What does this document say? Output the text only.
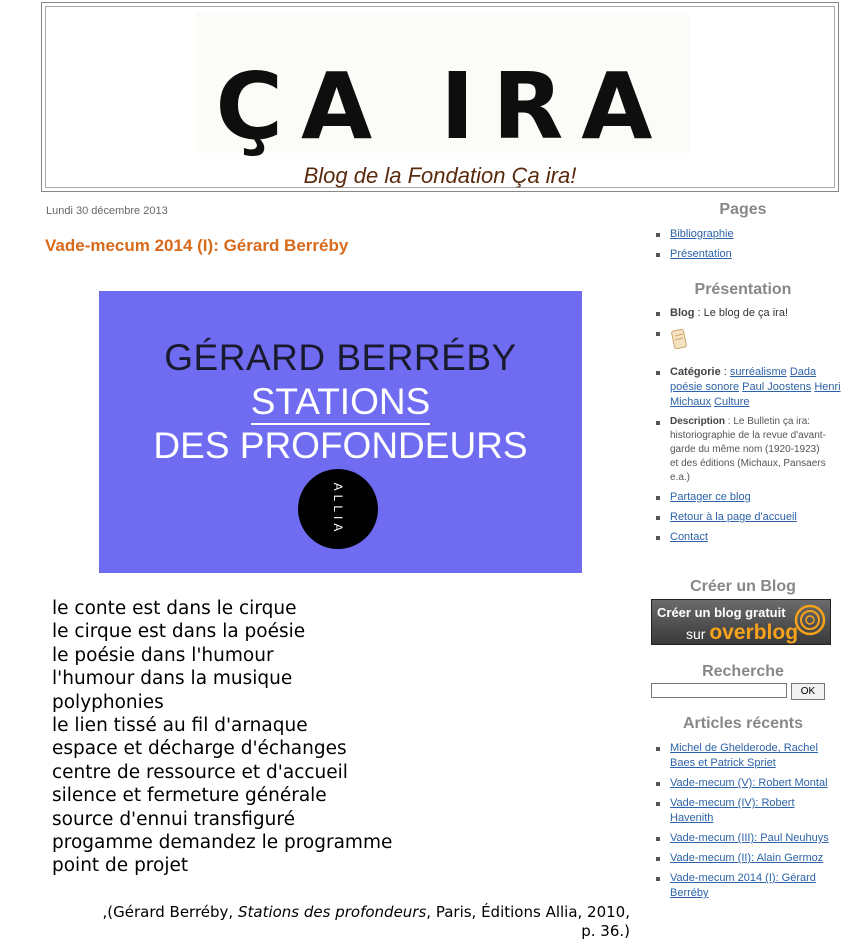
ÇA IRA
Blog de la Fondation Ça ira!
Lundi 30 décembre 2013
Vade-mecum 2014 (I): Gérard Berréby
GÉRARD BERRÉBY
STATIONS
DES PROFONDEURS
ALLIA
le conte est dans le cirque
le cirque est dans la poésie
le poésie dans l'humour
l'humour dans la musique
polyphonies
le lien tissé au fil d'arnaque
espace et décharge d'échanges
centre de ressource et d'accueil
silence et fermeture générale
source d'ennui transfiguré
progamme demandez le programme
point de projet
,(Gérard Berréby, Stations des profondeurs, Paris, Éditions Allia, 2010,
p. 36.)
Pages
Bibliographie
Présentation
Présentation
Blog : Le blog de ça ira!
Catégorie : surréalisme Dada poésie sonore Paul Joostens Henri Michaux Culture
Description : Le Bulletin ça ira: historiographie de la revue d'avant-garde du même nom (1920-1923) et des éditions (Michaux, Pansaers e.a.)
Partager ce blog
Retour à la page d'accueil
Contact
Créer un Blog
Créer un blog gratuit
sur overblog
Recherche
OK
Articles récents
Michel de Ghelderode, Rachel Baes et Patrick Spriet
Vade-mecum (V): Robert Montal
Vade-mecum (IV): Robert Havenith
Vade-mecum (III): Paul Neuhuys
Vade-mecum (II): Alain Germoz
Vade-mecum 2014 (I): Gérard Berréby
